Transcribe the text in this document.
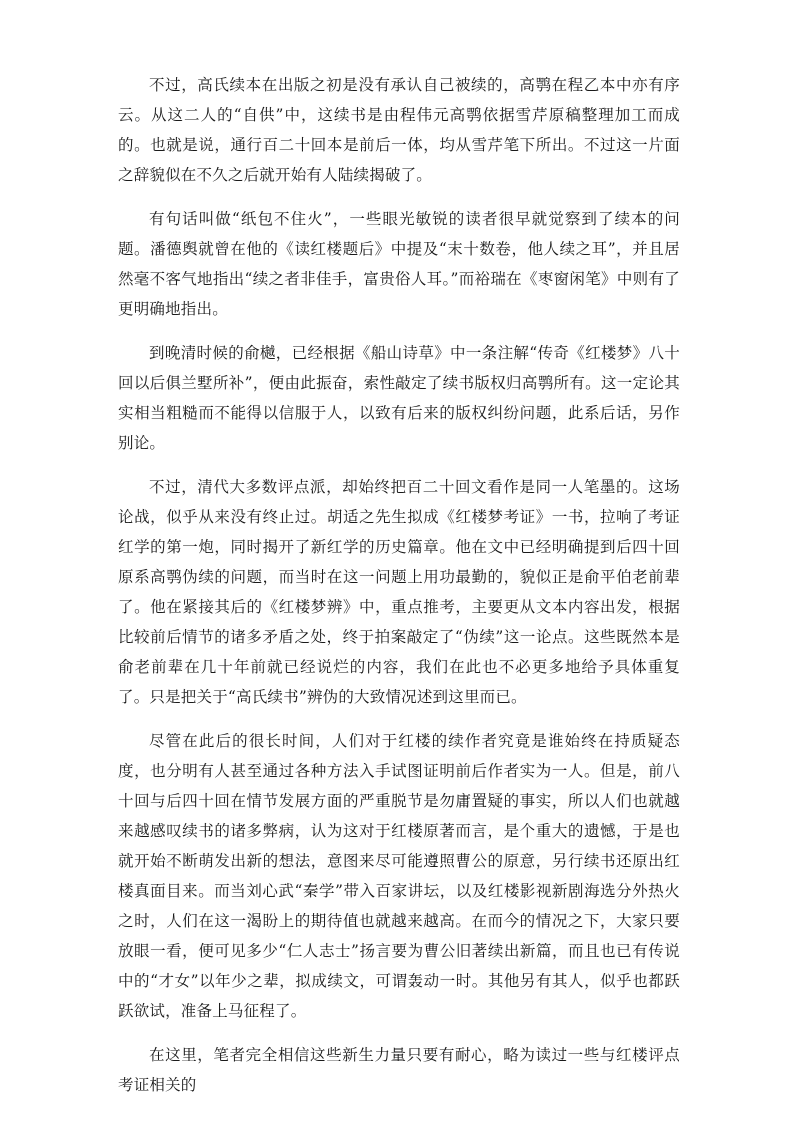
不过，高氏续本在出版之初是没有承认自己被续的，高鹗在程乙本中亦有序云。从这二人的“自供”中，这续书是由程伟元高鹗依据雪芹原稿整理加工而成的。也就是说，通行百二十回本是前后一体，均从雪芹笔下所出。不过这一片面之辞貌似在不久之后就开始有人陆续揭破了。

有句话叫做“纸包不住火”，一些眼光敏锐的读者很早就觉察到了续本的问题。潘德舆就曾在他的《读红楼题后》中提及“末十数卷，他人续之耳”，并且居然毫不客气地指出“续之者非佳手，富贵俗人耳。”而裕瑞在《枣窗闲笔》中则有了更明确地指出。

到晚清时候的俞樾，已经根据《船山诗草》中一条注解“传奇《红楼梦》八十回以后俱兰墅所补”，便由此振奋，索性敲定了续书版权归高鹗所有。这一定论其实相当粗糙而不能得以信服于人，以致有后来的版权纠纷问题，此系后话，另作别论。

不过，清代大多数评点派，却始终把百二十回文看作是同一人笔墨的。这场论战，似乎从来没有终止过。胡适之先生拟成《红楼梦考证》一书，拉响了考证红学的第一炮，同时揭开了新红学的历史篇章。他在文中已经明确提到后四十回原系高鹗伪续的问题，而当时在这一问题上用功最勤的，貌似正是俞平伯老前辈了。他在紧接其后的《红楼梦辨》中，重点推考，主要更从文本内容出发，根据比较前后情节的诸多矛盾之处，终于拍案敲定了“伪续”这一论点。这些既然本是俞老前辈在几十年前就已经说烂的内容，我们在此也不必更多地给予具体重复了。只是把关于“高氏续书”辨伪的大致情况述到这里而已。

尽管在此后的很长时间，人们对于红楼的续作者究竟是谁始终在持质疑态度，也分明有人甚至通过各种方法入手试图证明前后作者实为一人。但是，前八十回与后四十回在情节发展方面的严重脱节是勿庸置疑的事实，所以人们也就越来越感叹续书的诸多弊病，认为这对于红楼原著而言，是个重大的遗憾，于是也就开始不断萌发出新的想法，意图来尽可能遵照曹公的原意，另行续书还原出红楼真面目来。而当刘心武“秦学”带入百家讲坛，以及红楼影视新剧海选分外热火之时，人们在这一渴盼上的期待值也就越来越高。在而今的情况之下，大家只要放眼一看，便可见多少“仁人志士”扬言要为曹公旧著续出新篇，而且也已有传说中的“才女”以年少之辈，拟成续文，可谓轰动一时。其他另有其人，似乎也都跃跃欲试，准备上马征程了。

在这里，笔者完全相信这些新生力量只要有耐心，略为读过一些与红楼评点考证相关的
